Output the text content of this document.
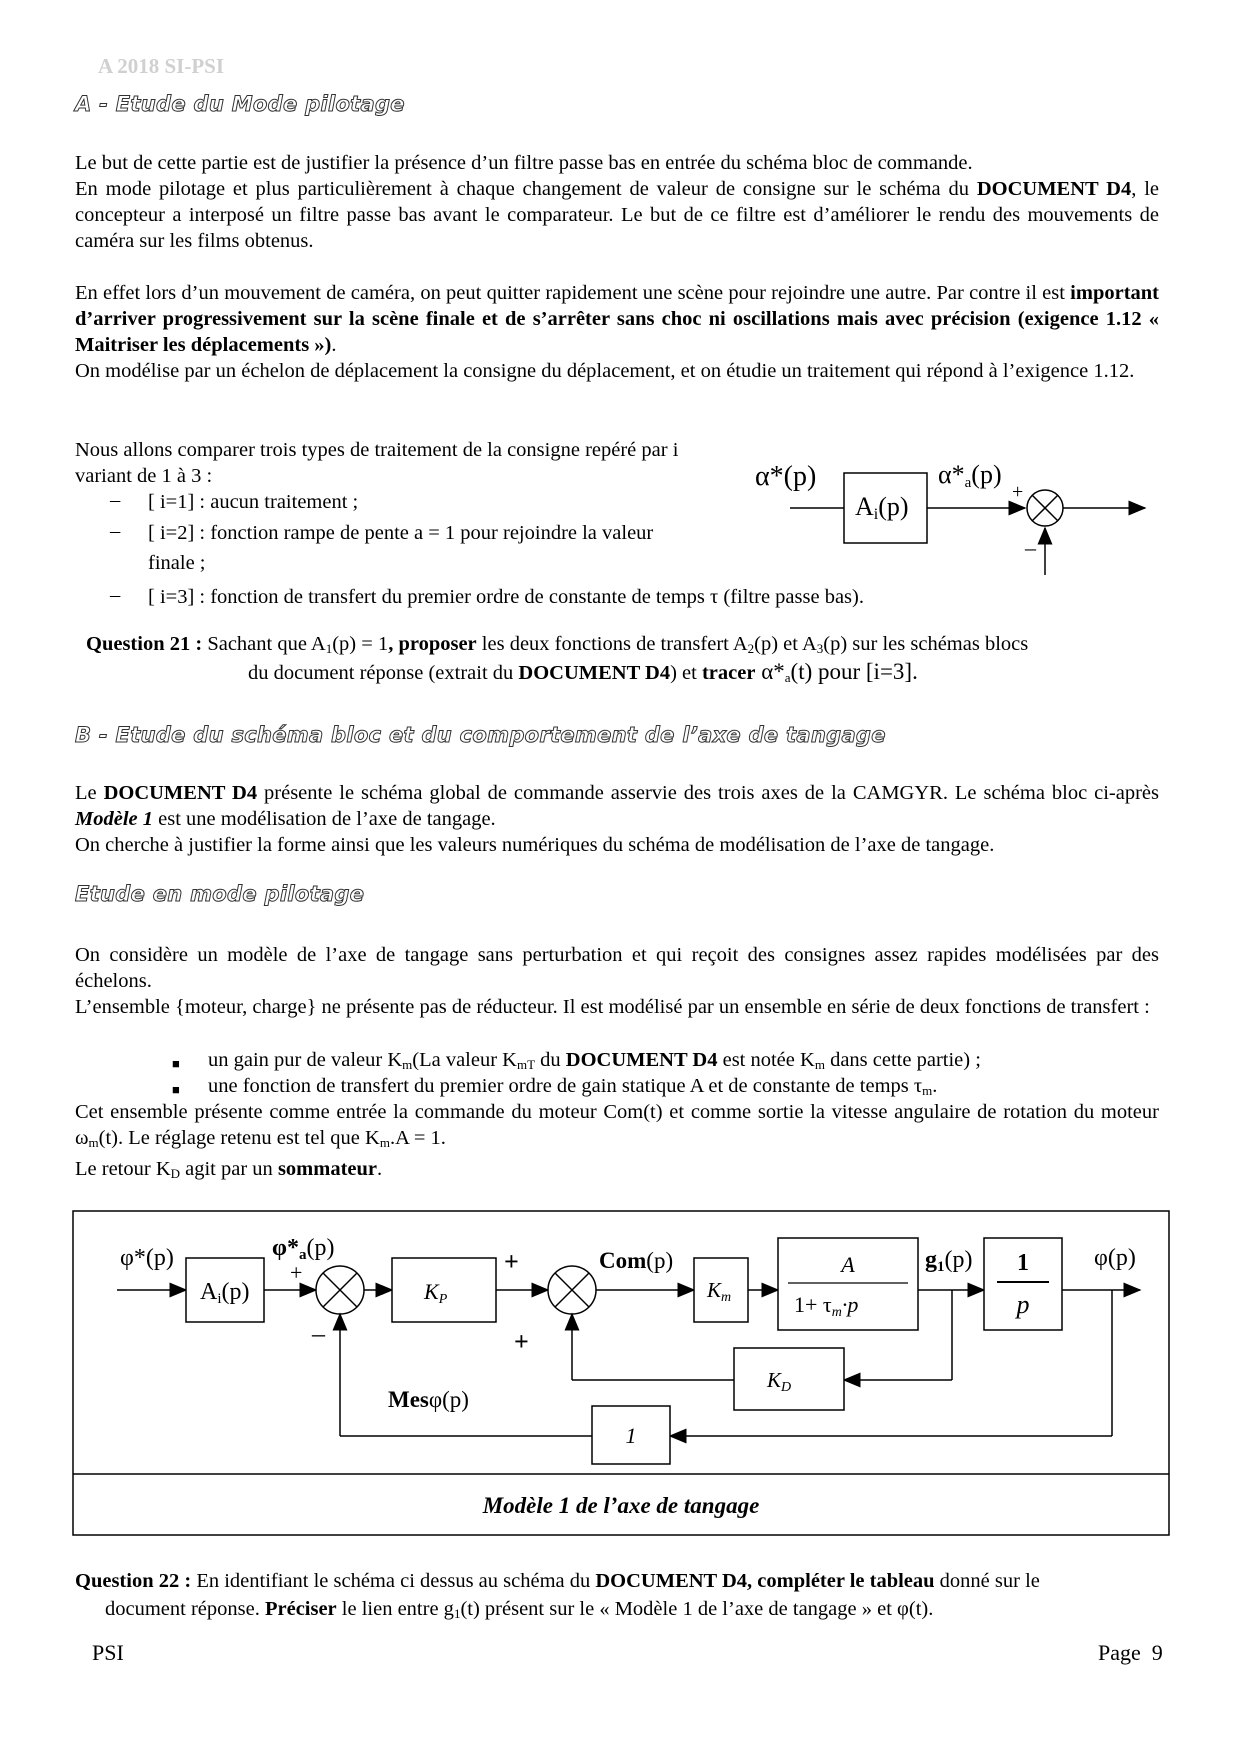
A 2018 SI-PSI
A - Etude du Mode pilotage

Le but de cette partie est de justifier la présence d’un filtre passe bas en entrée du schéma bloc de commande.

En mode pilotage et plus particulièrement à chaque changement de valeur de consigne sur le schéma du DOCUMENT D4, le concepteur a interposé un filtre passe bas avant le comparateur. Le but de ce filtre est d’améliorer le rendu des mouvements de caméra sur les films obtenus.

En effet lors d’un mouvement de caméra, on peut quitter rapidement une scène pour rejoindre une autre. Par contre il est important d’arriver progressivement sur la scène finale et de s’arrêter sans choc ni oscillations mais avec précision (exigence 1.12 « Maitriser les déplacements »).

On modélise par un échelon de déplacement la consigne du déplacement, et on étudie un traitement qui répond à l’exigence 1.12.

Nous allons comparer trois types de traitement de la consigne repéré par i variant de 1 à 3 :
– [ i=1] : aucun traitement ;
– [ i=2] : fonction rampe de pente a = 1 pour rejoindre la valeur
finale ;
– [ i=3] : fonction de transfert du premier ordre de constante de temps τ (filtre passe bas).
α*(p)
Ai(p)
α*a(p)
+
–
Question 21 : Sachant que $A_1(p) = 1$, proposer les deux fonctions de transfert $A_2(p)$ et $A_3(p)$ sur les schémas blocs
du document réponse (extrait du DOCUMENT D4) et tracer $\alpha*_a(t)$ pour [i=3].
B - Etude du schéma bloc et du comportement de l’axe de tangage

Le DOCUMENT D4 présente le schéma global de commande asservie des trois axes de la CAMGYR. Le schéma bloc ci-après Modèle 1 est une modélisation de l’axe de tangage.

On cherche à justifier la forme ainsi que les valeurs numériques du schéma de modélisation de l’axe de tangage.

Etude en mode pilotage

On considère un modèle de l’axe de tangage sans perturbation et qui reçoit des consignes assez rapides modélisées par des échelons.

L’ensemble {moteur, charge} ne présente pas de réducteur. Il est modélisé par un ensemble en série de deux fonctions de transfert :

■ un gain pur de valeur $K_m(La$ valeur $K_{mT}$ du DOCUMENT D4 est notée $K_m$ dans cette partie) ;
■ une fonction de transfert du premier ordre de gain statique A et de constante de temps $\tau_m$.

Cet ensemble présente comme entrée la commande du moteur Com(t) et comme sortie la vitesse angulaire de rotation du moteur $\omega_m(t)$. Le réglage retenu est tel que $K_m.A = 1$.

Le retour $K_D$ agit par un sommateur.

Modèle 1 de l’axe de tangage
φ*(p)
Ai(p)
φ*a(p)
+
–
KP
+
+
Com(p)
Km
A
1+ τm·p
g1(p) 1
p
φ(p)
KD
1
Mesφ(p)
Question 22 : En identifiant le schéma ci dessus au schéma du DOCUMENT D4, compléter le tableau donné sur le
document réponse. Préciser le lien entre $g_1(t)$ présent sur le « Modèle 1 de l’axe de tangage » et φ(t).
PSI	Page  9
